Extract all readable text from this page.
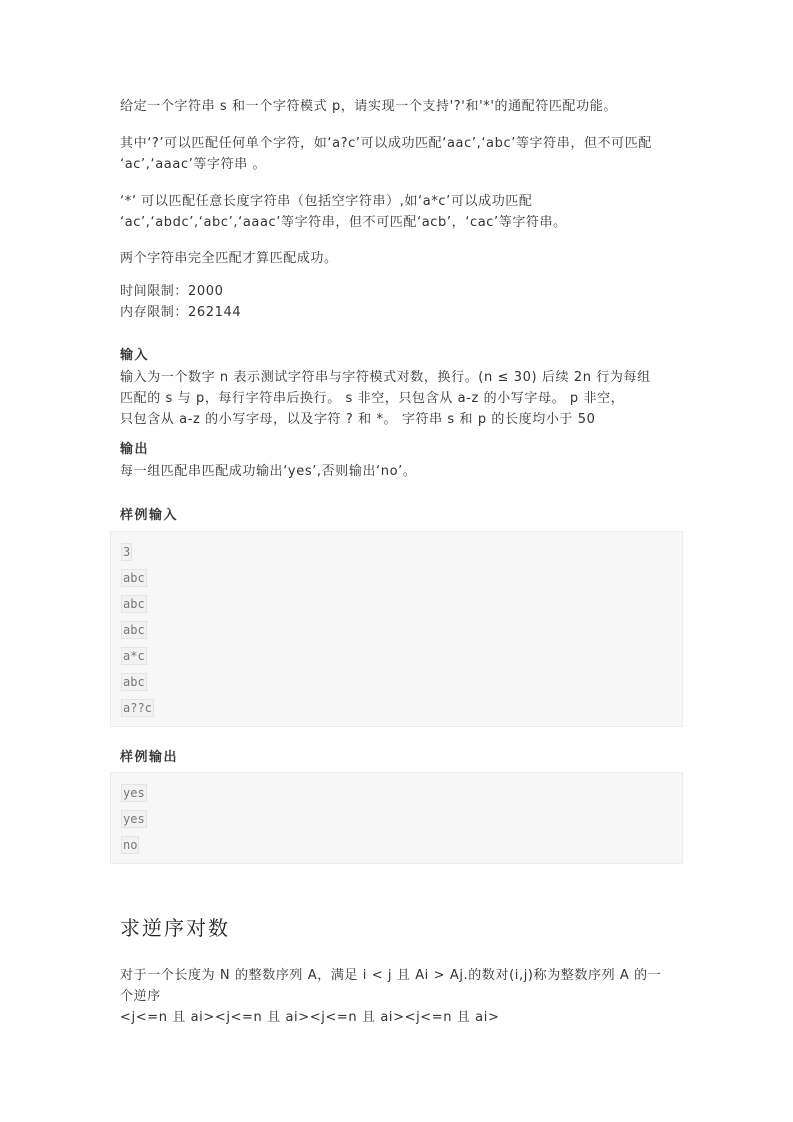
给定一个字符串 s 和一个字符模式 p，请实现一个支持'?'和'*'的通配符匹配功能。
其中‘?’可以匹配任何单个字符，如‘a?c’可以成功匹配‘aac’,‘abc’等字符串，但不可匹配
‘ac’,‘aaac’等字符串 。
‘*’ 可以匹配任意长度字符串（包括空字符串）,如‘a*c’可以成功匹配
‘ac’,‘abdc’,‘abc’,‘aaac’等字符串，但不可匹配‘acb’，‘cac’等字符串。
两个字符串完全匹配才算匹配成功。
时间限制：2000
内存限制：262144
输入
输入为一个数字 n 表示测试字符串与字符模式对数，换行。(n ≤ 30) 后续 2n 行为每组
匹配的 s 与 p，每行字符串后换行。 s 非空，只包含从 a-z 的小写字母。 p 非空，
只包含从 a-z 的小写字母，以及字符 ? 和 *。 字符串 s 和 p 的长度均小于 50
输出
每一组匹配串匹配成功输出‘yes’,否则输出‘no’。
样例输入
3
abc
abc
abc
a*c
abc
a??c
样例输出
yes
yes
no
求逆序对数
对于一个长度为 N 的整数序列 A，满足 i < j 且 Ai > Aj.的数对(i,j)称为整数序列 A 的一
个逆序
<j<=n 且 ai><j<=n 且 ai><j<=n 且 ai><j<=n 且 ai>
